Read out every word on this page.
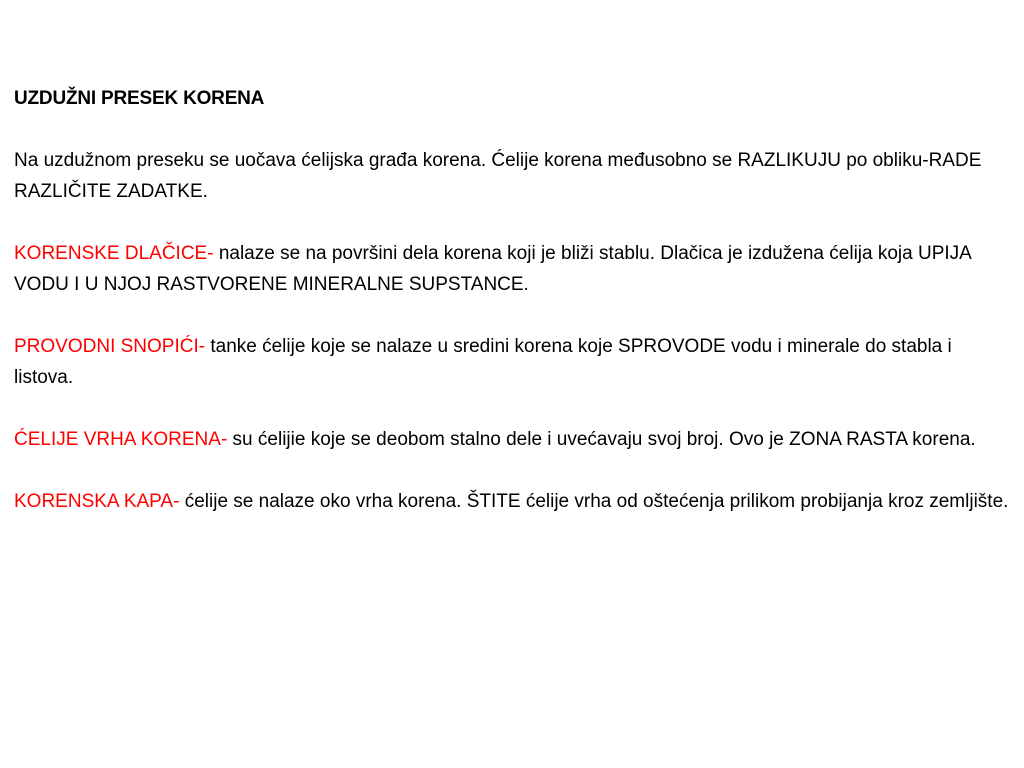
UZDUŽNI PRESEK KORENA
Na uzdužnom preseku se uočava ćelijska građa korena. Ćelije korena međusobno se RAZLIKUJU po obliku-RADE RAZLIČITE ZADATKE.
KORENSKE DLAČICE- nalaze se na površini dela korena koji je bliži stablu. Dlačica je izdužena ćelija koja UPIJA VODU I U NJOJ RASTVORENE MINERALNE SUPSTANCE.
PROVODNI SNOPIĆI- tanke ćelije koje se nalaze u sredini korena koje SPROVODE vodu i minerale do stabla i listova.
ĆELIJE VRHA KORENA- su ćelijie koje se deobom stalno dele i uvećavaju svoj broj. Ovo je ZONA RASTA korena.
KORENSKA KAPA- ćelije se nalaze oko vrha korena. ŠTITE ćelije vrha od oštećenja prilikom probijanja kroz zemljište.
